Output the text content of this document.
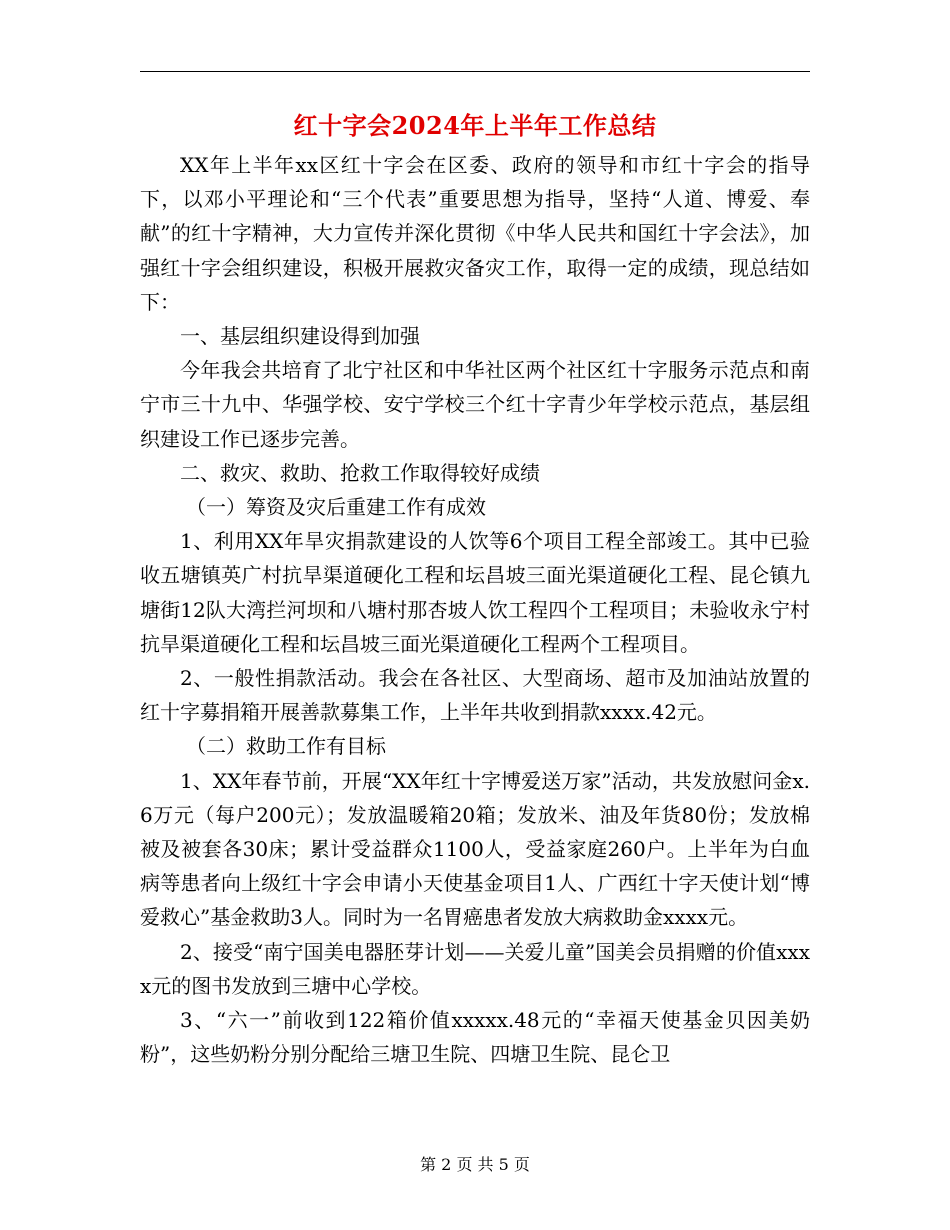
红十字会2024年上半年工作总结

XX年上半年xx区红十字会在区委、政府的领导和市红十字会的指导下，以邓小平理论和“三个代表”重要思想为指导，坚持“人道、博爱、奉献”的红十字精神，大力宣传并深化贯彻《中华人民共和国红十字会法》，加强红十字会组织建设，积极开展救灾备灾工作，取得一定的成绩，现总结如下：

一、基层组织建设得到加强

今年我会共培育了北宁社区和中华社区两个社区红十字服务示范点和南宁市三十九中、华强学校、安宁学校三个红十字青少年学校示范点，基层组织建设工作已逐步完善。

二、救灾、救助、抢救工作取得较好成绩

（一）筹资及灾后重建工作有成效

1、利用XX年旱灾捐款建设的人饮等6个项目工程全部竣工。其中已验收五塘镇英广村抗旱渠道硬化工程和坛昌坡三面光渠道硬化工程、昆仑镇九塘街12队大湾拦河坝和八塘村那杏坡人饮工程四个工程项目；未验收永宁村抗旱渠道硬化工程和坛昌坡三面光渠道硬化工程两个工程项目。

2、一般性捐款活动。我会在各社区、大型商场、超市及加油站放置的红十字募捐箱开展善款募集工作，上半年共收到捐款xxxx.42元。

（二）救助工作有目标

1、XX年春节前，开展“XX年红十字博爱送万家”活动，共发放慰问金x.6万元（每户200元）；发放温暖箱20箱；发放米、油及年货80份；发放棉被及被套各30床；累计受益群众1100人，受益家庭260户。上半年为白血病等患者向上级红十字会申请小天使基金项目1人、广西红十字天使计划“博爱救心”基金救助3人。同时为一名胃癌患者发放大病救助金xxxx元。

2、接受“南宁国美电器胚芽计划——关爱儿童”国美会员捐赠的价值xxxx元的图书发放到三塘中心学校。

3、“六一”前收到122箱价值xxxxx.48元的“幸福天使基金贝因美奶粉”，这些奶粉分别分配给三塘卫生院、四塘卫生院、昆仑卫

第 2 页 共 5 页
